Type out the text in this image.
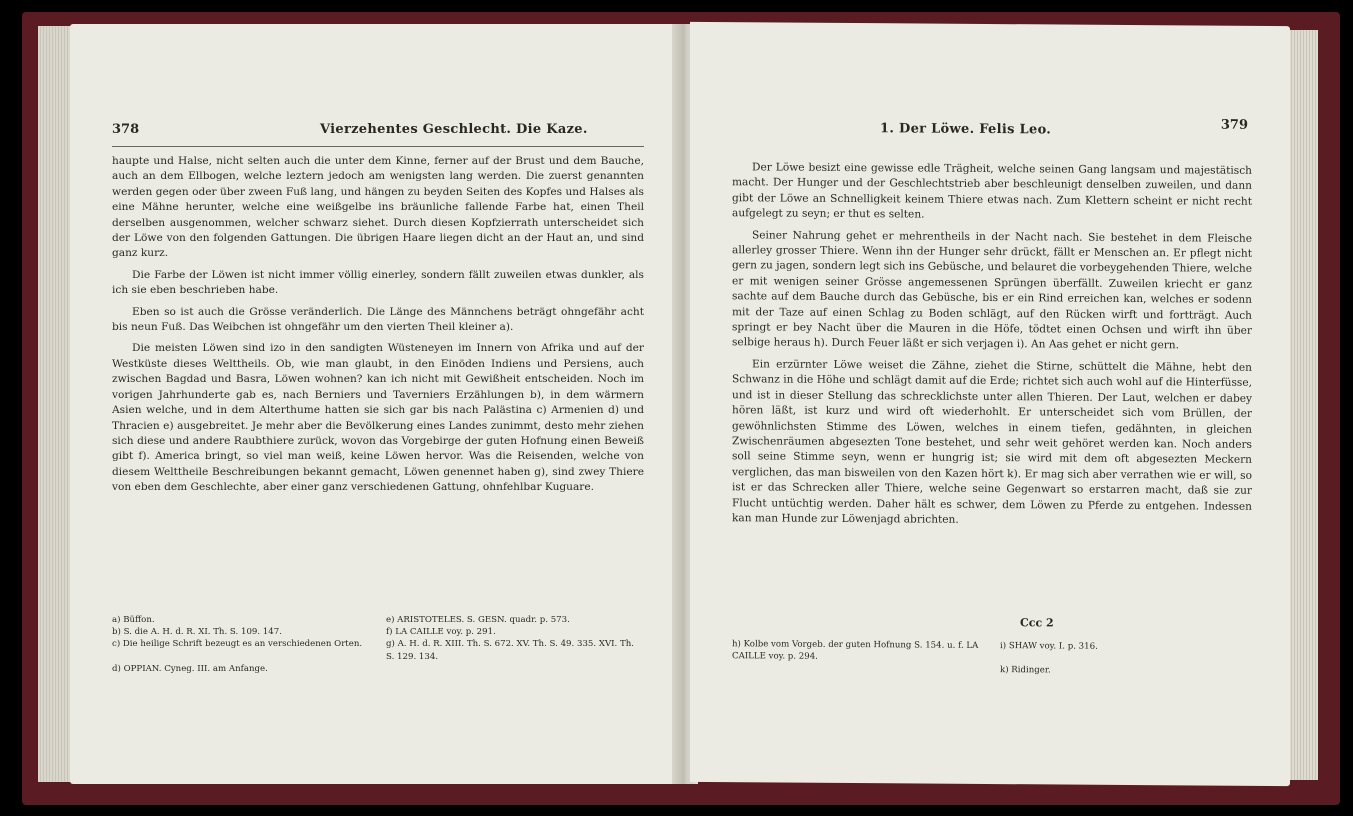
378	Vierzehentes Geschlecht. Die Kaze.

haupte und Halse, nicht selten auch die unter dem Kinne, ferner auf der Brust und dem Bauche, auch an dem Ellbogen, welche leztern jedoch am wenigsten lang werden. Die zuerst genannten werden gegen oder über zween Fuß lang, und hängen zu beyden Seiten des Kopfes und Halses als eine Mähne herunter, welche eine weißgelbe ins bräunliche fallende Farbe hat, einen Theil derselben ausgenommen, welcher schwarz siehet. Durch diesen Kopfzierrath unterscheidet sich der Löwe von den folgenden Gattungen. Die übrigen Haare liegen dicht an der Haut an, und sind ganz kurz.

Die Farbe der Löwen ist nicht immer völlig einerley, sondern fällt zuweilen etwas dunkler, als ich sie eben beschrieben habe.

Eben so ist auch die Grösse veränderlich. Die Länge des Männchens beträgt ohngefähr acht bis neun Fuß. Das Weibchen ist ohngefähr um den vierten Theil kleiner a).

Die meisten Löwen sind izo in den sandigten Wüsteneyen im Innern von Afrika und auf der Westküste dieses Welttheils. Ob, wie man glaubt, in den Einöden Indiens und Persiens, auch zwischen Bagdad und Basra, Löwen wohnen? kan ich nicht mit Gewißheit entscheiden. Noch im vorigen Jahrhunderte gab es, nach Berniers und Taverniers Erzählungen b), in dem wärmern Asien welche, und in dem Alterthume hatten sie sich gar bis nach Palästina c) Armenien d) und Thracien e) ausgebreitet. Je mehr aber die Bevölkerung eines Landes zunimmt, desto mehr ziehen sich diese und andere Raubthiere zurück, wovon das Vorgebirge der guten Hofnung einen Beweiß gibt f). America bringt, so viel man weiß, keine Löwen hervor. Was die Reisenden, welche von diesem Welttheile Beschreibungen bekannt gemacht, Löwen genennet haben g), sind zwey Thiere von eben dem Geschlechte, aber einer ganz verschiedenen Gattung, ohnfehlbar Kuguare.

a) Büffon.	e) ARISTOTELES. S. GESN. quadr. p. 573.
b) S. die A. H. d. R. XI. Th. S. 109. 147.	f) LA CAILLE voy. p. 291.
c) Die heilige Schrift bezeugt es an verschiedenen Orten.	g) A. H. d. R. XIII. Th. S. 672. XV. Th. S. 49. 335. XVI. Th. S. 129. 134.
d) OPPIAN. Cyneg. III. am Anfange.
1. Der Löwe. Felis Leo.	379

Der Löwe besizt eine gewisse edle Trägheit, welche seinen Gang langsam und majestätisch macht. Der Hunger und der Geschlechtstrieb aber beschleunigt denselben zuweilen, und dann gibt der Löwe an Schnelligkeit keinem Thiere etwas nach. Zum Klettern scheint er nicht recht aufgelegt zu seyn; er thut es selten.

Seiner Nahrung gehet er mehrentheils in der Nacht nach. Sie bestehet in dem Fleische allerley grosser Thiere. Wenn ihn der Hunger sehr drückt, fällt er Menschen an. Er pflegt nicht gern zu jagen, sondern legt sich ins Gebüsche, und belauret die vorbeygehenden Thiere, welche er mit wenigen seiner Grösse angemessenen Sprüngen überfällt. Zuweilen kriecht er ganz sachte auf dem Bauche durch das Gebüsche, bis er ein Rind erreichen kan, welches er sodenn mit der Taze auf einen Schlag zu Boden schlägt, auf den Rücken wirft und fortträgt. Auch springt er bey Nacht über die Mauren in die Höfe, tödtet einen Ochsen und wirft ihn über selbige heraus h). Durch Feuer läßt er sich verjagen i). An Aas gehet er nicht gern.

Ein erzürnter Löwe weiset die Zähne, ziehet die Stirne, schüttelt die Mähne, hebt den Schwanz in die Höhe und schlägt damit auf die Erde; richtet sich auch wohl auf die Hinterfüsse, und ist in dieser Stellung das schrecklichste unter allen Thieren. Der Laut, welchen er dabey hören läßt, ist kurz und wird oft wiederhohlt. Er unterscheidet sich vom Brüllen, der gewöhnlichsten Stimme des Löwen, welches in einem tiefen, gedähnten, in gleichen Zwischenräumen abgesezten Tone bestehet, und sehr weit gehöret werden kan. Noch anders soll seine Stimme seyn, wenn er hungrig ist; sie wird mit dem oft abgesezten Meckern verglichen, das man bisweilen von den Kazen hört k). Er mag sich aber verrathen wie er will, so ist er das Schrecken aller Thiere, welche seine Gegenwart so erstarren macht, daß sie zur Flucht untüchtig werden. Daher hält es schwer, dem Löwen zu Pferde zu entgehen. Indessen kan man Hunde zur Löwenjagd abrichten.

Ccc 2
h) Kolbe vom Vorgeb. der guten Hofnung S. 154. u. f. LA CAILLE voy. p. 294.
i) SHAW voy. I. p. 316.
k) Ridinger.
